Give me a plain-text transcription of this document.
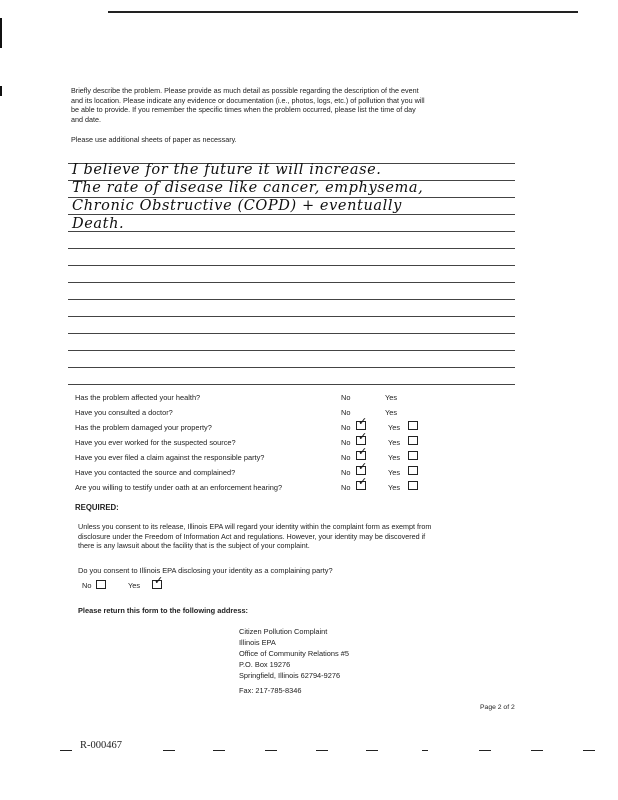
Briefly describe the problem. Please provide as much detail as possible regarding the description of the event
and its location. Please indicate any evidence or documentation (i.e., photos, logs, etc.) of pollution that you will
be able to provide. If you remember the specific times when the problem occurred, please list the time of day
and date.
Please use additional sheets of paper as necessary.
I believe for the future it will increase.
The rate of disease like cancer, emphysema,
Chronic Obstructive (COPD) + eventually
Death.
Has the problem affected your health?	No	Yes
Have you consulted a doctor?	No	Yes
Has the problem damaged your property?	No ✓	Yes
Have you ever worked for the suspected source?	No ✓	Yes
Have you ever filed a claim against the responsible party?	No ✓	Yes
Have you contacted the source and complained?	No ✓	Yes
Are you willing to testify under oath at an enforcement hearing?	No ✓	Yes
REQUIRED:
Unless you consent to its release, Illinois EPA will regard your identity within the complaint form as exempt from
disclosure under the Freedom of Information Act and regulations. However, your identity may be discovered if
there is any lawsuit about the facility that is the subject of your complaint.
Do you consent to Illinois EPA disclosing your identity as a complaining party?
No	Yes ✓
Please return this form to the following address:
Citizen Pollution Complaint
Illinois EPA
Office of Community Relations #5
P.O. Box 19276
Springfield, Illinois 62794-9276
Fax: 217-785-8346
Page 2 of 2
R-000467
